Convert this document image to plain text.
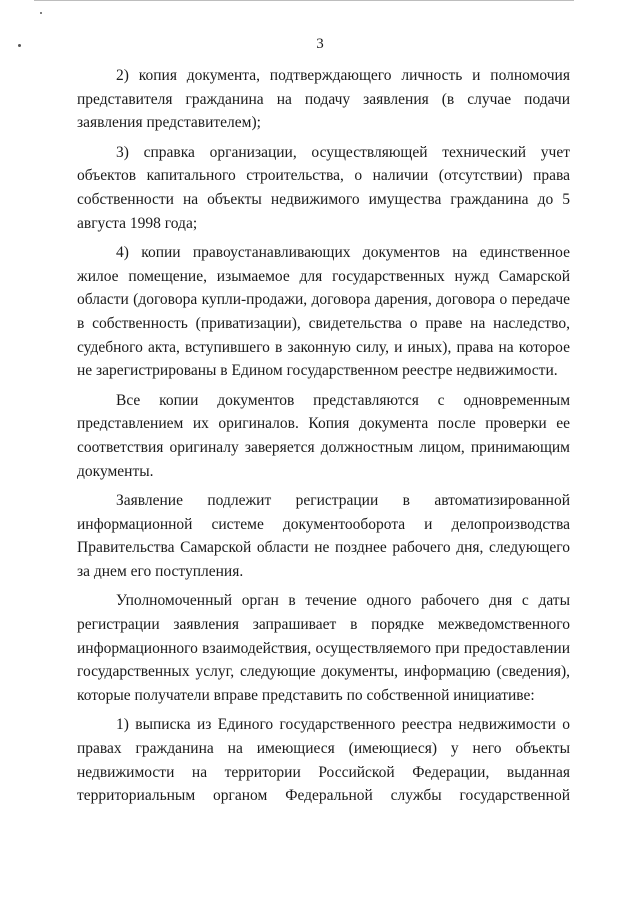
3

2) копия документа, подтверждающего личность и полномочия представителя гражданина на подачу заявления (в случае подачи заявления представителем);

3) справка организации, осуществляющей технический учет объектов капитального строительства, о наличии (отсутствии) права собственности на объекты недвижимого имущества гражданина до 5 августа 1998 года;

4) копии правоустанавливающих документов на единственное жилое помещение, изымаемое для государственных нужд Самарской области (договора купли-продажи, договора дарения, договора о передаче в собственность (приватизации), свидетельства о праве на наследство, судебного акта, вступившего в законную силу, и иных), права на которое не зарегистрированы в Едином государственном реестре недвижимости.

Все копии документов представляются с одновременным представлением их оригиналов. Копия документа после проверки ее соответствия оригиналу заверяется должностным лицом, принимающим документы.

Заявление подлежит регистрации в автоматизированной информационной системе документооборота и делопроизводства Правительства Самарской области не позднее рабочего дня, следующего за днем его поступления.

Уполномоченный орган в течение одного рабочего дня с даты регистрации заявления запрашивает в порядке межведомственного информационного взаимодействия, осуществляемого при предоставлении государственных услуг, следующие документы, информацию (сведения), которые получатели вправе представить по собственной инициативе:

1) выписка из Единого государственного реестра недвижимости о правах гражданина на имеющиеся (имеющиеся) у него объекты недвижимости на территории Российской Федерации, выданная территориальным органом Федеральной службы государственной
